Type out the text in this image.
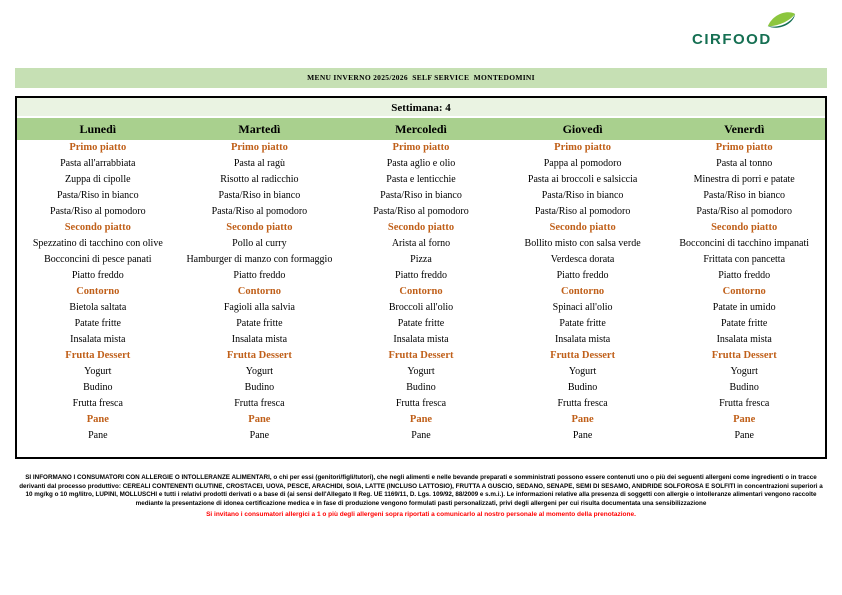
CIRFOOD
MENU INVERNO 2025/2026  SELF SERVICE  MONTEDOMINI
Settimana: 4
Lunedì	Martedì	Mercoledì	Giovedì	Venerdì
Primo piatto	Primo piatto	Primo piatto	Primo piatto	Primo piatto
Pasta all'arrabbiata	Pasta al ragù	Pasta aglio e olio	Pappa al pomodoro	Pasta al tonno
Zuppa di cipolle	Risotto al radicchio	Pasta e lenticchie	Pasta ai broccoli e salsiccia	Minestra di porri e patate
Pasta/Riso in bianco	Pasta/Riso in bianco	Pasta/Riso in bianco	Pasta/Riso in bianco	Pasta/Riso in bianco
Pasta/Riso al pomodoro	Pasta/Riso al pomodoro	Pasta/Riso al pomodoro	Pasta/Riso al pomodoro	Pasta/Riso al pomodoro
Secondo piatto	Secondo piatto	Secondo piatto	Secondo piatto	Secondo piatto
Spezzatino di tacchino con olive	Pollo al curry	Arista al forno	Bollito misto con salsa verde	Bocconcini di tacchino impanati
Bocconcini di pesce panati	Hamburger di manzo con formaggio	Pizza	Verdesca dorata	Frittata con pancetta
Piatto freddo	Piatto freddo	Piatto freddo	Piatto freddo	Piatto freddo
Contorno	Contorno	Contorno	Contorno	Contorno
Bietola saltata	Fagioli alla salvia	Broccoli all'olio	Spinaci all'olio	Patate in umido
Patate fritte	Patate fritte	Patate fritte	Patate fritte	Patate fritte
Insalata mista	Insalata mista	Insalata mista	Insalata mista	Insalata mista
Frutta Dessert	Frutta Dessert	Frutta Dessert	Frutta Dessert	Frutta Dessert
Yogurt	Yogurt	Yogurt	Yogurt	Yogurt
Budino	Budino	Budino	Budino	Budino
Frutta fresca	Frutta fresca	Frutta fresca	Frutta fresca	Frutta fresca
Pane	Pane	Pane	Pane	Pane
Pane	Pane	Pane	Pane	Pane
SI INFORMANO I CONSUMATORI CON ALLERGIE O INTOLLERANZE ALIMENTARI, o chi per essi (genitori/figli/tutori), che negli alimenti e nelle bevande preparati e somministrati possono essere contenuti uno o più dei seguenti allergeni come ingredienti o in tracce
derivanti dal processo produttivo: CEREALI CONTENENTI GLUTINE, CROSTACEI, UOVA, PESCE, ARACHIDI, SOIA, LATTE (INCLUSO LATTOSIO), FRUTTA A GUSCIO, SEDANO, SENAPE, SEMI DI SESAMO, ANIDRIDE SOLFOROSA E SOLFITI in concentrazioni superiori a
10 mg/kg o 10 mg/litro, LUPINI, MOLLUSCHI e tutti i relativi prodotti derivati o a base di (ai sensi dell'Allegato II Reg. UE 1169/11, D. Lgs. 109/92, 88/2009 e s.m.i.). Le informazioni relative alla presenza di soggetti con allergie o intolleranze alimentari vengono raccolte
mediante la presentazione di idonea certificazione medica e in fase di produzione vengono formulati pasti personalizzati, privi degli allergeni per cui risulta documentata una sensibilizzazione
Si invitano i consumatori allergici a 1 o più degli allergeni sopra riportati a comunicarlo al nostro personale al momento della prenotazione.
